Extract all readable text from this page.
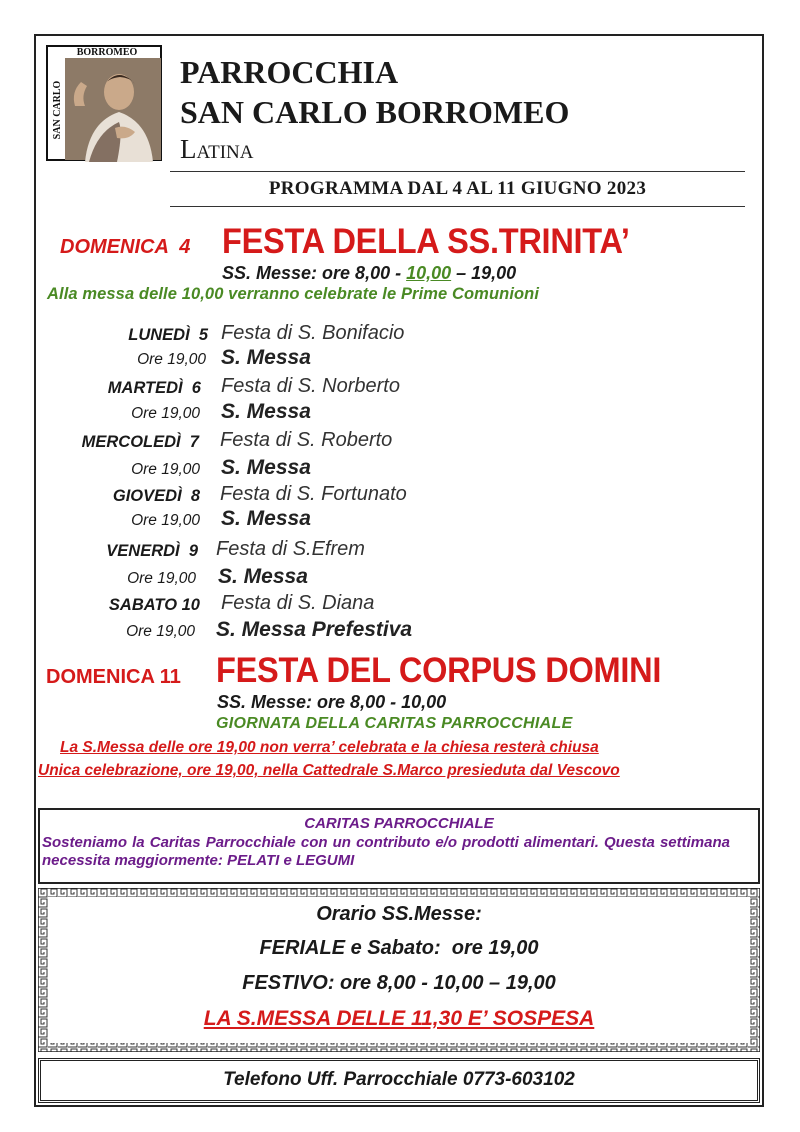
BORROMEO
SAN CARLO
PARROCCHIA
SAN CARLO BORROMEO
Latina
PROGRAMMA DAL 4 AL 11 GIUGNO 2023
DOMENICA  4 FESTA DELLA SS.TRINITA’
SS. Messe: ore 8,00 - 10,00 – 19,00
Alla messa delle 10,00 verranno celebrate le Prime Comunioni
LUNEDÌ  5 Festa di S. Bonifacio
Ore 19,00 S. Messa
MARTEDÌ  6 Festa di S. Norberto
Ore 19,00 S. Messa
MERCOLEDÌ  7 Festa di S. Roberto
Ore 19,00 S. Messa
GIOVEDÌ  8 Festa di S. Fortunato
Ore 19,00 S. Messa
VENERDÌ  9 Festa di S.Efrem
Ore 19,00 S. Messa
SABATO 10 Festa di S. Diana
Ore 19,00 S. Messa Prefestiva
DOMENICA 11 FESTA DEL CORPUS DOMINI
SS. Messe: ore 8,00 - 10,00
GIORNATA DELLA CARITAS PARROCCHIALE
La S.Messa delle ore 19,00 non verra’ celebrata e la chiesa resterà chiusa
Unica celebrazione, ore 19,00, nella Cattedrale S.Marco presieduta dal Vescovo
CARITAS PARROCCHIALE
Sosteniamo la Caritas Parrocchiale con un contributo e/o prodotti alimentari. Questa settimana necessita maggiormente: PELATI e LEGUMI
Orario SS.Messe:
FERIALE e Sabato:  ore 19,00
FESTIVO: ore 8,00 - 10,00 – 19,00
LA S.MESSA DELLE 11,30 E’ SOSPESA
Telefono Uff. Parrocchiale 0773-603102
